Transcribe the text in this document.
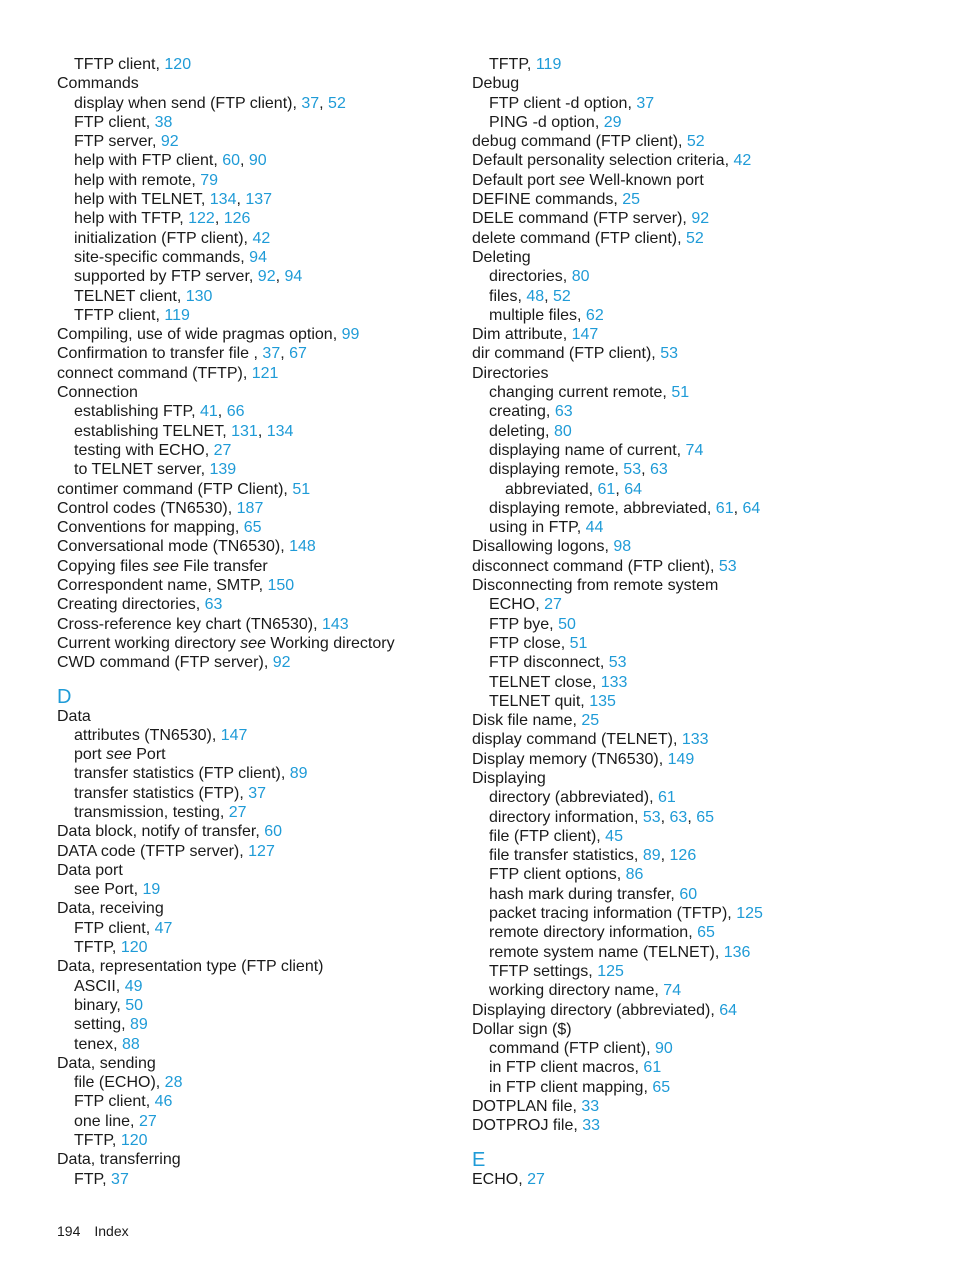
TFTP client, 120
Commands
display when send (FTP client), 37, 52
FTP client, 38
FTP server, 92
help with FTP client, 60, 90
help with remote, 79
help with TELNET, 134, 137
help with TFTP, 122, 126
initialization (FTP client), 42
site-specific commands, 94
supported by FTP server, 92, 94
TELNET client, 130
TFTP client, 119
Compiling, use of wide pragmas option, 99
Confirmation to transfer file , 37, 67
connect command (TFTP), 121
Connection
establishing FTP, 41, 66
establishing TELNET, 131, 134
testing with ECHO, 27
to TELNET server, 139
contimer command (FTP Client), 51
Control codes (TN6530), 187
Conventions for mapping, 65
Conversational mode (TN6530), 148
Copying files see File transfer
Correspondent name, SMTP, 150
Creating directories, 63
Cross-reference key chart (TN6530), 143
Current working directory see Working directory
CWD command (FTP server), 92
D
Data
attributes (TN6530), 147
port see Port
transfer statistics (FTP client), 89
transfer statistics (FTP), 37
transmission, testing, 27
Data block, notify of transfer, 60
DATA code (TFTP server), 127
Data port
see Port, 19
Data, receiving
FTP client, 47
TFTP, 120
Data, representation type (FTP client)
ASCII, 49
binary, 50
setting, 89
tenex, 88
Data, sending
file (ECHO), 28
FTP client, 46
one line, 27
TFTP, 120
Data, transferring
FTP, 37
TFTP, 119
Debug
FTP client -d option, 37
PING -d option, 29
debug command (FTP client), 52
Default personality selection criteria, 42
Default port see Well-known port
DEFINE commands, 25
DELE command (FTP server), 92
delete command (FTP client), 52
Deleting
directories, 80
files, 48, 52
multiple files, 62
Dim attribute, 147
dir command (FTP client), 53
Directories
changing current remote, 51
creating, 63
deleting, 80
displaying name of current, 74
displaying remote, 53, 63
abbreviated, 61, 64
displaying remote, abbreviated, 61, 64
using in FTP, 44
Disallowing logons, 98
disconnect command (FTP client), 53
Disconnecting from remote system
ECHO, 27
FTP bye, 50
FTP close, 51
FTP disconnect, 53
TELNET close, 133
TELNET quit, 135
Disk file name, 25
display command (TELNET), 133
Display memory (TN6530), 149
Displaying
directory (abbreviated), 61
directory information, 53, 63, 65
file (FTP client), 45
file transfer statistics, 89, 126
FTP client options, 86
hash mark during transfer, 60
packet tracing information (TFTP), 125
remote directory information, 65
remote system name (TELNET), 136
TFTP settings, 125
working directory name, 74
Displaying directory (abbreviated), 64
Dollar sign ($)
command (FTP client), 90
in FTP client macros, 61
in FTP client mapping, 65
DOTPLAN file, 33
DOTPROJ file, 33
E
ECHO, 27
194 Index
